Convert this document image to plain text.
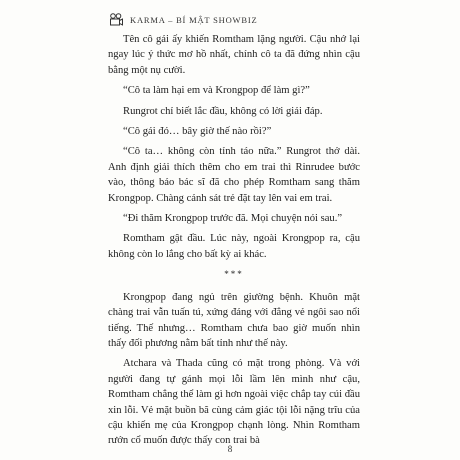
KARMA – BÍ MẬT SHOWBIZ

Tên cô gái ấy khiến Romtham lặng người. Cậu nhớ lại ngay lúc ý thức mơ hồ nhất, chính cô ta đã đứng nhìn cậu bằng một nụ cười.

“Cô ta làm hại em và Krongpop để làm gì?”

Rungrot chỉ biết lắc đầu, không có lời giải đáp.

“Cô gái đó… bây giờ thế nào rồi?”

“Cô ta… không còn tỉnh táo nữa.” Rungrot thở dài. Anh định giải thích thêm cho em trai thì Rinrudee bước vào, thông báo bác sĩ đã cho phép Romtham sang thăm Krongpop. Chàng cảnh sát trẻ đặt tay lên vai em trai.

“Đi thăm Krongpop trước đã. Mọi chuyện nói sau.”

Romtham gật đầu. Lúc này, ngoài Krongpop ra, cậu không còn lo lắng cho bất kỳ ai khác.

***

Krongpop đang ngủ trên giường bệnh. Khuôn mặt chàng trai vẫn tuấn tú, xứng đáng với đẳng vẻ ngôi sao nổi tiếng. Thế nhưng… Romtham chưa bao giờ muốn nhìn thấy đối phương nằm bất tỉnh như thế này.

Atchara và Thada cũng có mặt trong phòng. Và với người đang tự gánh mọi lỗi lầm lên mình như cậu, Romtham chẳng thể làm gì hơn ngoài việc chắp tay cúi đầu xin lỗi. Vẻ mặt buồn bã cùng cảm giác tội lỗi nặng trĩu của cậu khiến mẹ của Krongpop chạnh lòng. Nhìn Romtham rướn cổ muốn được thấy con trai bà

8
